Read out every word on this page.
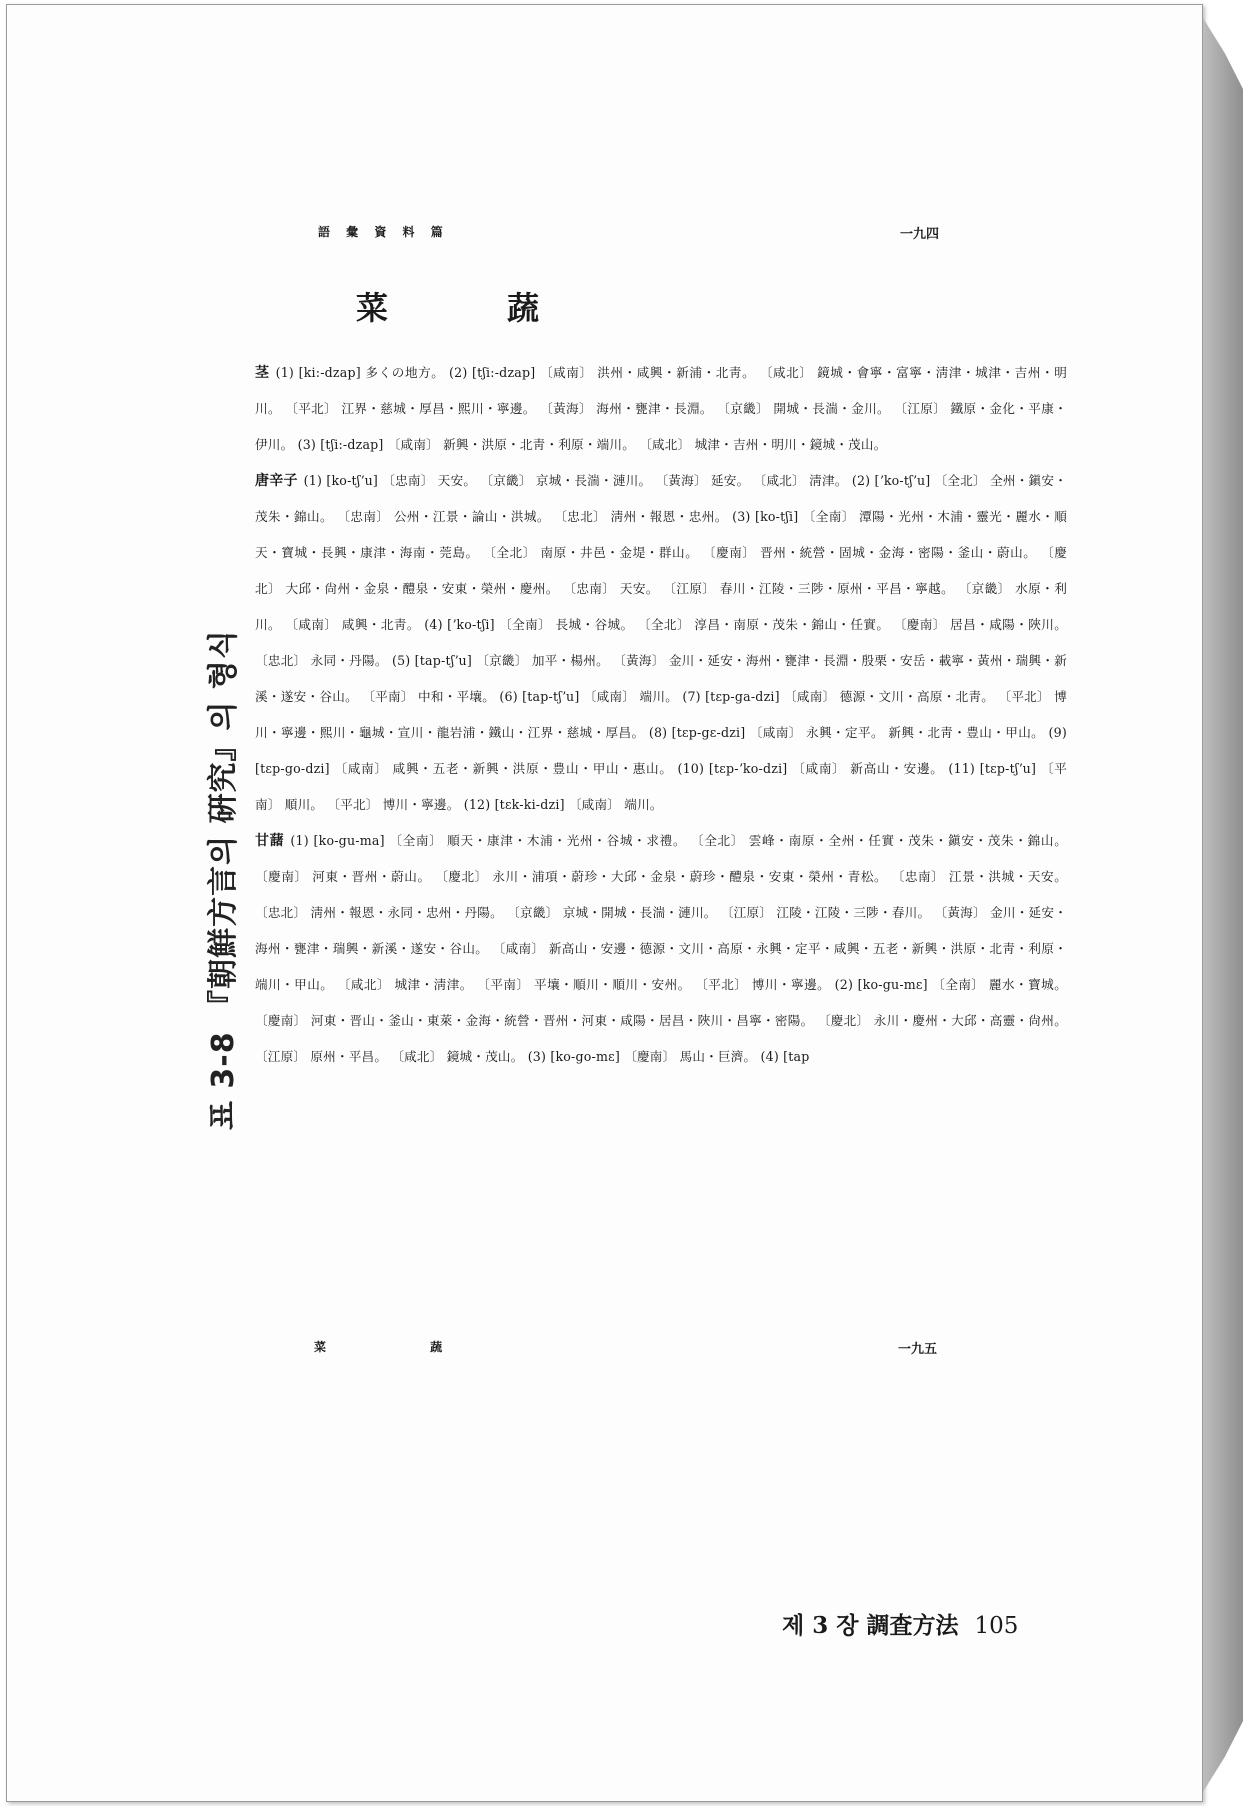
표 3-8 『朝鮮方言의 硏究』의 형식
語 彙 資 料 篇	一九四
菜 蔬

茎 (1) [ki:-dzap] 多くの地方。 (2) [tʃi:-dzap] 〔咸南〕 洪州・咸興・新浦・北靑。 〔咸北〕 鏡城・會寧・富寧・淸津・城津・吉州・明川。 〔平北〕 江界・慈城・厚昌・熙川・寧邊。 〔黃海〕 海州・甕津・長淵。 〔京畿〕 開城・長湍・金川。 〔江原〕 鐵原・金化・平康・伊川。 (3) [tʃi:-dzap] 〔咸南〕 新興・洪原・北靑・利原・端川。 〔咸北〕 城津・吉州・明川・鏡城・茂山。

唐辛子 (1) [ko-tʃʼu] 〔忠南〕 天安。 〔京畿〕 京城・長湍・漣川。 〔黃海〕 延安。 〔咸北〕 淸津。 (2) [ʼko-tʃʼu] 〔全北〕 全州・鎭安・茂朱・錦山。 〔忠南〕 公州・江景・論山・洪城。 〔忠北〕 淸州・報恩・忠州。 (3) [ko-tʃi] 〔全南〕 潭陽・光州・木浦・靈光・麗水・順天・寶城・長興・康津・海南・莞島。 〔全北〕 南原・井邑・金堤・群山。 〔慶南〕 晋州・統營・固城・金海・密陽・釜山・蔚山。 〔慶北〕 大邱・尙州・金泉・醴泉・安東・榮州・慶州。 〔忠南〕 天安。 〔江原〕 春川・江陵・三陟・原州・平昌・寧越。 〔京畿〕 水原・利川。 〔咸南〕 咸興・北靑。 (4) [ʼko-tʃi] 〔全南〕 長城・谷城。 〔全北〕 淳昌・南原・茂朱・錦山・任實。 〔慶南〕 居昌・咸陽・陜川。 〔忠北〕 永同・丹陽。 (5) [tap-tʃʼu] 〔京畿〕 加平・楊州。 〔黃海〕 金川・延安・海州・甕津・長淵・殷栗・安岳・載寧・黃州・瑞興・新溪・遂安・谷山。 〔平南〕 中和・平壤。 (6) [tap-tʃʼu] 〔咸南〕 端川。 (7) [tɛp-ga-dzi] 〔咸南〕 德源・文川・高原・北靑。 〔平北〕 博川・寧邊・熙川・龜城・宣川・龍岩浦・鐵山・江界・慈城・厚昌。 (8) [tɛp-gɛ-dzi] 〔咸南〕 永興・定平。 新興・北靑・豊山・甲山。 (9) [tɛp-go-dzi] 〔咸南〕 咸興・五老・新興・洪原・豊山・甲山・惠山。 (10) [tɛp-ʼko-dzi] 〔咸南〕 新高山・安邊。 (11) [tɛp-tʃʼu] 〔平南〕 順川。 〔平北〕 博川・寧邊。 (12) [tɛk-ki-dzi] 〔咸南〕 端川。

甘藷 (1) [ko-gu-ma] 〔全南〕 順天・康津・木浦・光州・谷城・求禮。 〔全北〕 雲峰・南原・全州・任實・茂朱・鎭安・茂朱・錦山。 〔慶南〕 河東・晋州・蔚山。 〔慶北〕 永川・浦項・蔚珍・大邱・金泉・蔚珍・醴泉・安東・榮州・青松。 〔忠南〕 江景・洪城・天安。 〔忠北〕 淸州・報恩・永同・忠州・丹陽。 〔京畿〕 京城・開城・長湍・漣川。 〔江原〕 江陵・江陵・三陟・春川。 〔黃海〕 金川・延安・海州・甕津・瑞興・新溪・遂安・谷山。 〔咸南〕 新高山・安邊・德源・文川・高原・永興・定平・咸興・五老・新興・洪原・北靑・利原・端川・甲山。 〔咸北〕 城津・淸津。 〔平南〕 平壤・順川・順川・安州。 〔平北〕 博川・寧邊。 (2) [ko-gu-mɛ] 〔全南〕 麗水・寶城。 〔慶南〕 河東・晋山・釜山・東萊・金海・統營・晋州・河東・咸陽・居昌・陜川・昌寧・密陽。 〔慶北〕 永川・慶州・大邱・高靈・尙州。 〔江原〕 原州・平昌。 〔咸北〕 鏡城・茂山。 (3) [ko-go-mɛ] 〔慶南〕 馬山・巨濟。 (4) [tap

菜 蔬	一九五
제 3 장 調査方法 105
